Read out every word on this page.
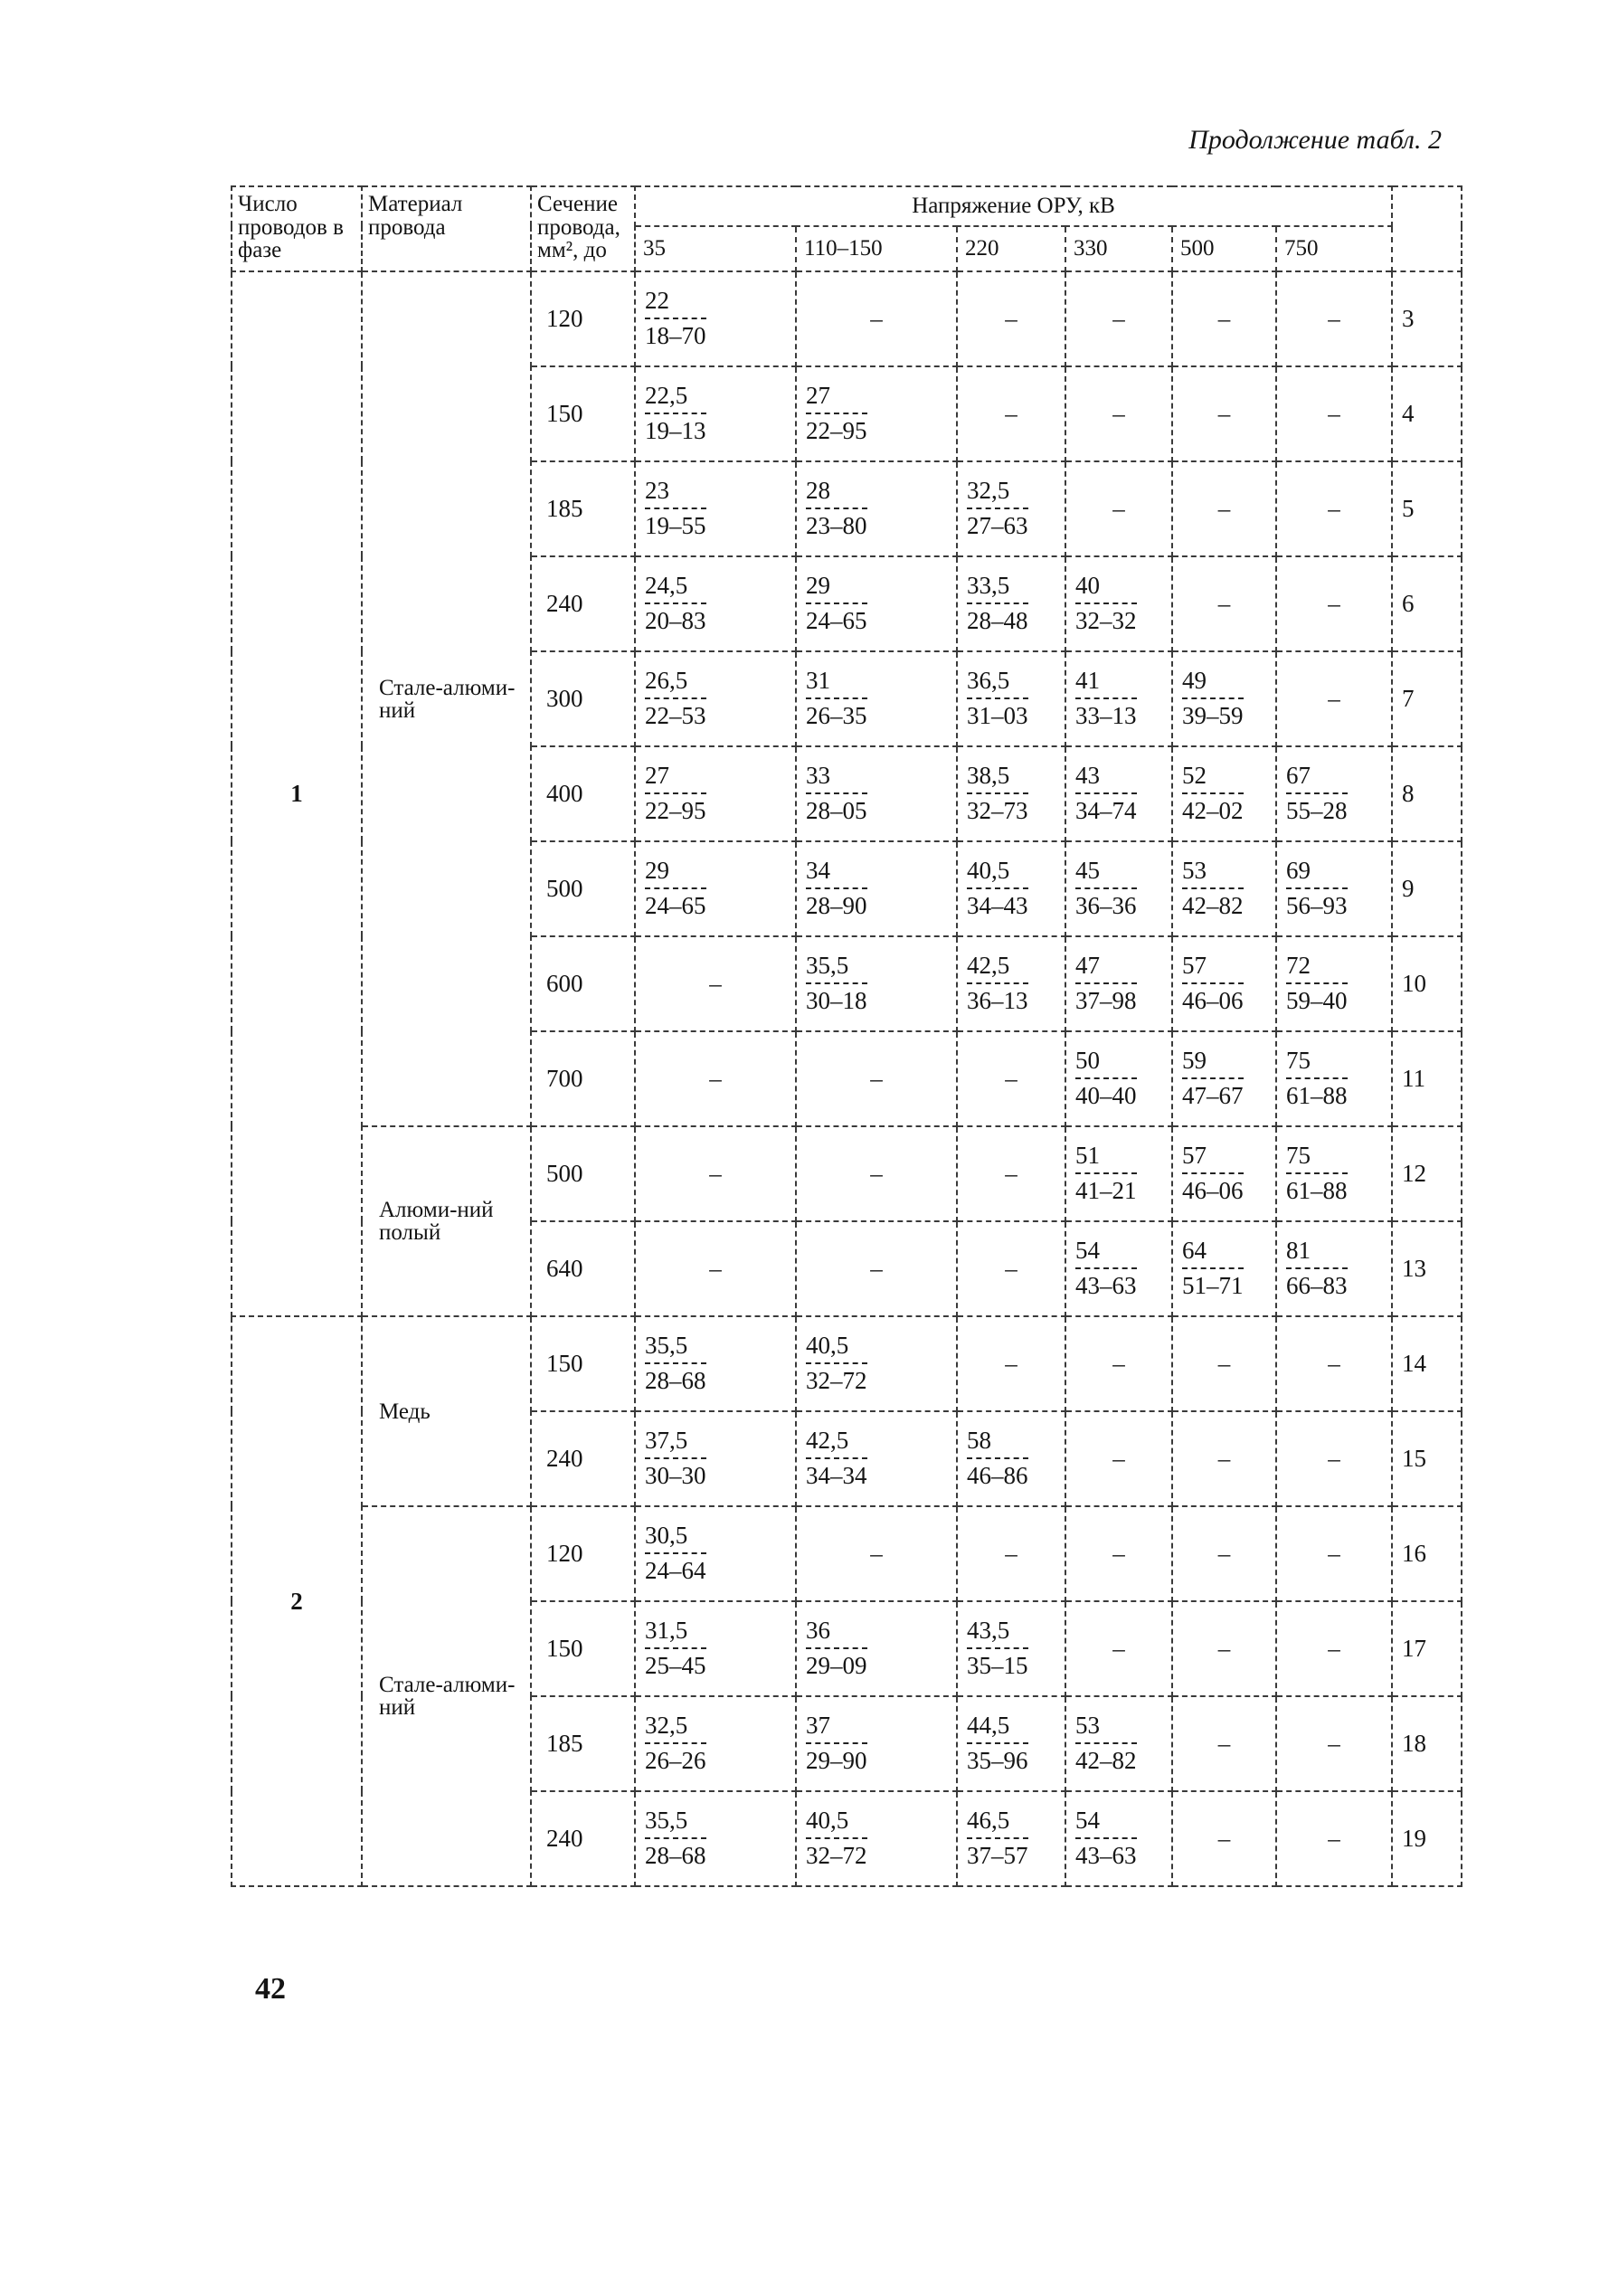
Продолжение табл. 2
Число проводов в фазе	Материал провода	Сечение провода, мм², до	Напряжение ОРУ, кВ						
			35	110–150	220	330	500	750	
1	Стале-алюми-ний	120	$\frac{22}{18-70}$	–	–	–	–	–	3
		150	$\frac{22,5}{19-13}$	$\frac{27}{22-95}$	–	–	–	–	4
		185	$\frac{23}{19-55}$	$\frac{28}{23-80}$	$\frac{32,5}{27-63}$	–	–	–	5
		240	$\frac{24,5}{20-83}$	$\frac{29}{24-65}$	$\frac{33,5}{28-48}$	$\frac{40}{32-32}$	–	–	6
		300	$\frac{26,5}{22-53}$	$\frac{31}{26-35}$	$\frac{36,5}{31-03}$	$\frac{41}{33-13}$	$\frac{49}{39-59}$	–	7
		400	$\frac{27}{22-95}$	$\frac{33}{28-05}$	$\frac{38,5}{32-73}$	$\frac{43}{34-74}$	$\frac{52}{42-02}$	$\frac{67}{55-28}$	8
		500	$\frac{29}{24-65}$	$\frac{34}{28-90}$	$\frac{40,5}{34-43}$	$\frac{45}{36-36}$	$\frac{53}{42-82}$	$\frac{69}{56-93}$	9
		600	–	$\frac{35,5}{30-18}$	$\frac{42,5}{36-13}$	$\frac{47}{37-98}$	$\frac{57}{46-06}$	$\frac{72}{59-40}$	10
		700	–	–	–	$\frac{50}{40-40}$	$\frac{59}{47-67}$	$\frac{75}{61-88}$	11
	Алюми-ний полый	500	–	–	–	$\frac{51}{41-21}$	$\frac{57}{46-06}$	$\frac{75}{61-88}$	12
		640	–	–	–	$\frac{54}{43-63}$	$\frac{64}{51-71}$	$\frac{81}{66-83}$	13
2	Медь	150	$\frac{35,5}{28-68}$	$\frac{40,5}{32-72}$	–	–	–	–	14
		240	$\frac{37,5}{30-30}$	$\frac{42,5}{34-34}$	$\frac{58}{46-86}$	–	–	–	15
	Стале-алюми-ний	120	$\frac{30,5}{24-64}$	–	–	–	–	–	16
		150	$\frac{31,5}{25-45}$	$\frac{36}{29-09}$	$\frac{43,5}{35-15}$	–	–	–	17
		185	$\frac{32,5}{26-26}$	$\frac{37}{29-90}$	$\frac{44,5}{35-96}$	$\frac{53}{42-82}$	–	–	18
		240	$\frac{35,5}{28-68}$	$\frac{40,5}{32-72}$	$\frac{46,5}{37-57}$	$\frac{54}{43-63}$	–	–	19
42
